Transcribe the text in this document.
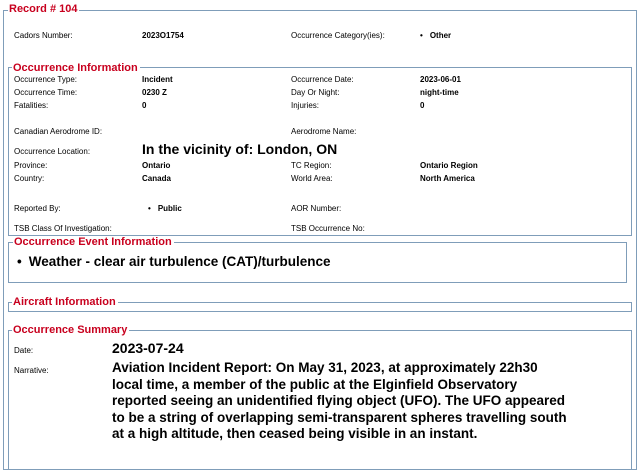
Record # 104
Cadors Number:	2023O1754	Occurrence Category(ies):	• Other
Occurrence Information
Occurrence Type:	Incident	Occurrence Date:	2023-06-01
Occurrence Time:	0230 Z	Day Or Night:	night-time
Fatalities:	0	Injuries:	0
Canadian Aerodrome ID:	Aerodrome Name:
Occurrence Location:	In the vicinity of: London, ON
Province:	Ontario	TC Region:	Ontario Region
Country:	Canada	World Area:	North America
Reported By:	• Public	AOR Number:
TSB Class Of Investigation:	TSB Occurrence No:
Occurrence Event Information
• Weather - clear air turbulence (CAT)/turbulence
Aircraft Information
Occurrence Summary
Date:	2023-07-24
Narrative:	Aviation Incident Report: On May 31, 2023, at approximately 22h30 local time, a member of the public at the Elginfield Observatory reported seeing an unidentified flying object (UFO). The UFO appeared to be a string of overlapping semi-transparent spheres travelling south at a high altitude, then ceased being visible in an instant.
